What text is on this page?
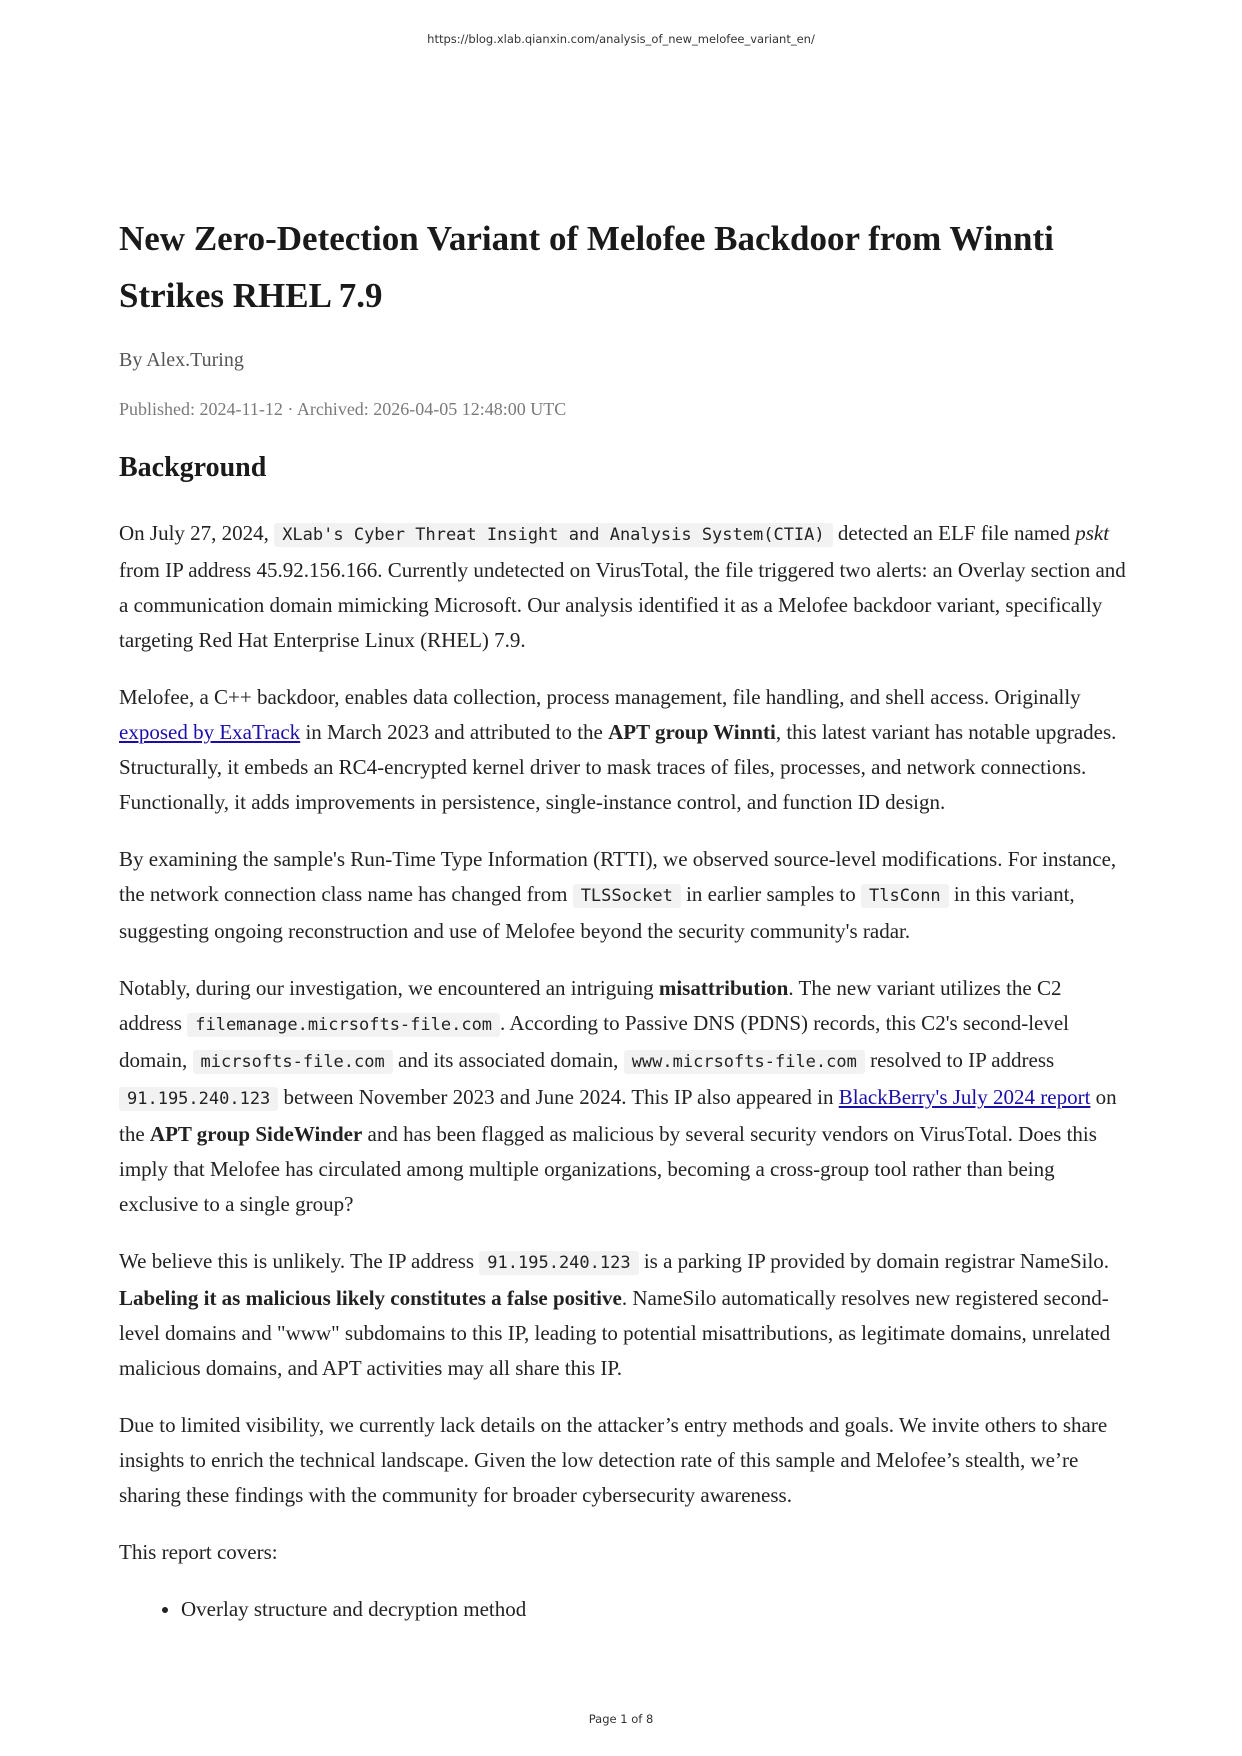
https://blog.xlab.qianxin.com/analysis_of_new_melofee_variant_en/
New Zero-Detection Variant of Melofee Backdoor from Winnti Strikes RHEL 7.9
By Alex.Turing
Published: 2024-11-12 · Archived: 2026-04-05 12:48:00 UTC
Background

On July 27, 2024, XLab's Cyber Threat Insight and Analysis System(CTIA) detected an ELF file named pskt from IP address 45.92.156.166. Currently undetected on VirusTotal, the file triggered two alerts: an Overlay section and a communication domain mimicking Microsoft. Our analysis identified it as a Melofee backdoor variant, specifically targeting Red Hat Enterprise Linux (RHEL) 7.9.

Melofee, a C++ backdoor, enables data collection, process management, file handling, and shell access. Originally exposed by ExaTrack in March 2023 and attributed to the APT group Winnti, this latest variant has notable upgrades. Structurally, it embeds an RC4-encrypted kernel driver to mask traces of files, processes, and network connections. Functionally, it adds improvements in persistence, single-instance control, and function ID design.

By examining the sample's Run-Time Type Information (RTTI), we observed source-level modifications. For instance, the network connection class name has changed from TLSSocket in earlier samples to TlsConn in this variant, suggesting ongoing reconstruction and use of Melofee beyond the security community's radar.

Notably, during our investigation, we encountered an intriguing misattribution. The new variant utilizes the C2 address filemanage.micrsofts-file.com . According to Passive DNS (PDNS) records, this C2's second-level domain, micrsofts-file.com and its associated domain, www.micrsofts-file.com resolved to IP address 91.195.240.123 between November 2023 and June 2024. This IP also appeared in BlackBerry's July 2024 report on the APT group SideWinder and has been flagged as malicious by several security vendors on VirusTotal. Does this imply that Melofee has circulated among multiple organizations, becoming a cross-group tool rather than being exclusive to a single group?

We believe this is unlikely. The IP address 91.195.240.123 is a parking IP provided by domain registrar NameSilo. Labeling it as malicious likely constitutes a false positive. NameSilo automatically resolves new registered second-level domains and "www" subdomains to this IP, leading to potential misattributions, as legitimate domains, unrelated malicious domains, and APT activities may all share this IP.

Due to limited visibility, we currently lack details on the attacker’s entry methods and goals. We invite others to share insights to enrich the technical landscape. Given the low detection rate of this sample and Melofee’s stealth, we’re sharing these findings with the community for broader cybersecurity awareness.

This report covers:

• Overlay structure and decryption method
Page 1 of 8
